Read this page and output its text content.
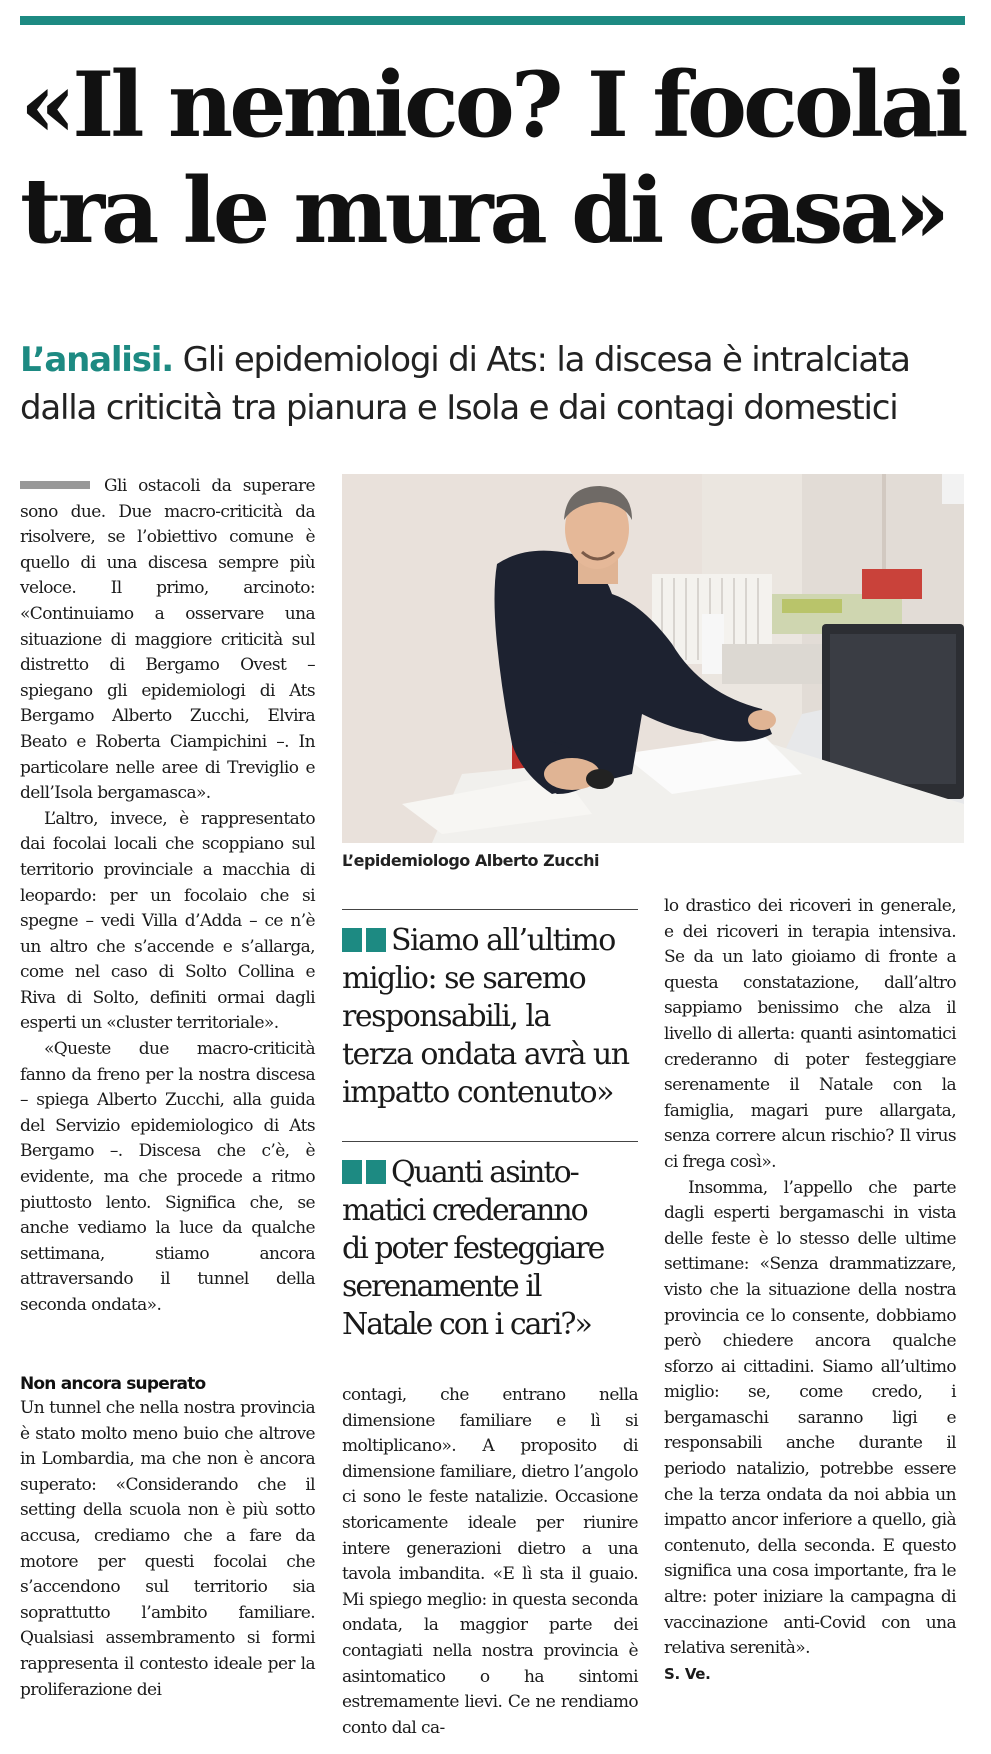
«Il nemico? I focolai
tra le mura di casa»
L’analisi. Gli epidemiologi di Ats: la discesa è intralciata
dalla criticità tra pianura e Isola e dai contagi domestici

Gli ostacoli da superare sono due. Due macro-criticità da risolvere, se l’obiettivo comune è quello di una discesa sempre più veloce. Il primo, arcinoto: «Continuiamo a osservare una situazione di maggiore criticità sul distretto di Bergamo Ovest – spiegano gli epidemiologi di Ats Bergamo Alberto Zucchi, Elvira Beato e Roberta Ciampichini –. In particolare nelle aree di Treviglio e dell’Isola bergamasca».

L’altro, invece, è rappresentato dai focolai locali che scoppiano sul territorio provinciale a macchia di leopardo: per un focolaio che si spegne – vedi Villa d’Adda – ce n’è un altro che s’accende e s’allarga, come nel caso di Solto Collina e Riva di Solto, definiti ormai dagli esperti un «cluster territoriale».

«Queste due macro-criticità fanno da freno per la nostra discesa – spiega Alberto Zucchi, alla guida del Servizio epidemiologico di Ats Bergamo –. Discesa che c’è, è evidente, ma che procede a ritmo piuttosto lento. Significa che, se anche vediamo la luce da qualche settimana, stiamo ancora attraversando il tunnel della seconda ondata».

Non ancora superato

Un tunnel che nella nostra provincia è stato molto meno buio che altrove in Lombardia, ma che non è ancora superato: «Considerando che il setting della scuola non è più sotto accusa, crediamo che a fare da motore per questi focolai che s’accendono sul territorio sia soprattutto l’ambito familiare. Qualsiasi assembramento si formi rappresenta il contesto ideale per la proliferazione dei

L’epidemiologo Alberto Zucchi
Siamo all’ultimo
miglio: se saremo
responsabili, la
terza ondata avrà un
impatto contenuto»
Quanti asinto-
matici crederanno
di poter festeggiare
serenamente il
Natale con i cari?»

contagi, che entrano nella dimensione familiare e lì si moltiplicano». A proposito di dimensione familiare, dietro l’angolo ci sono le feste natalizie. Occasione storicamente ideale per riunire intere generazioni dietro a una tavola imbandita. «E lì sta il guaio. Mi spiego meglio: in questa seconda ondata, la maggior parte dei contagiati nella nostra provincia è asintomatico o ha sintomi estremamente lievi. Ce ne rendiamo conto dal ca-

lo drastico dei ricoveri in generale, e dei ricoveri in terapia intensiva. Se da un lato gioiamo di fronte a questa constatazione, dall’altro sappiamo benissimo che alza il livello di allerta: quanti asintomatici crederanno di poter festeggiare serenamente il Natale con la famiglia, magari pure allargata, senza correre alcun rischio? Il virus ci frega così».

Insomma, l’appello che parte dagli esperti bergamaschi in vista delle feste è lo stesso delle ultime settimane: «Senza drammatizzare, visto che la situazione della nostra provincia ce lo consente, dobbiamo però chiedere ancora qualche sforzo ai cittadini. Siamo all’ultimo miglio: se, come credo, i bergamaschi saranno ligi e responsabili anche durante il periodo natalizio, potrebbe essere che la terza ondata da noi abbia un impatto ancor inferiore a quello, già contenuto, della seconda. E questo significa una cosa importante, fra le altre: poter iniziare la campagna di vaccinazione anti-Covid con una relativa serenità».

S. Ve.
